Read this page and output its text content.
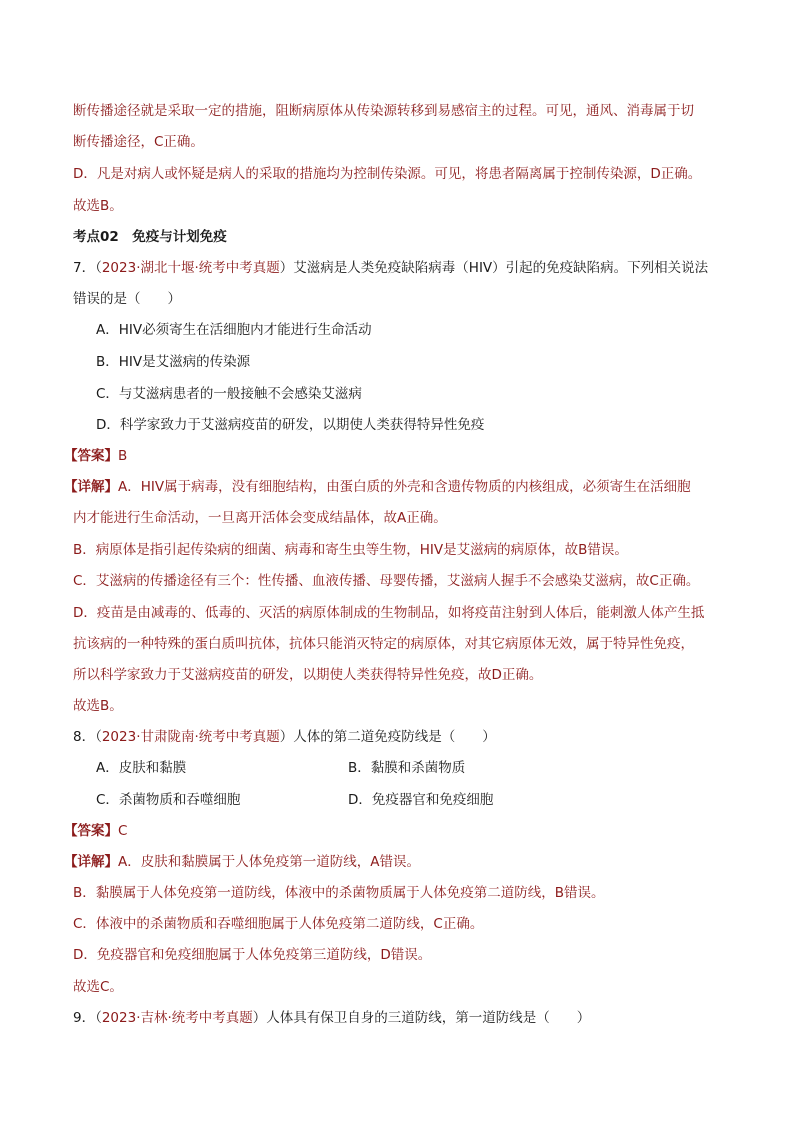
断传播途径就是采取一定的措施，阻断病原体从传染源转移到易感宿主的过程。可见，通风、消毒属于切
断传播途径，C正确。
D．凡是对病人或怀疑是病人的采取的措施均为控制传染源。可见，将患者隔离属于控制传染源，D正确。
故选B。
考点02　免疫与计划免疫
7．（2023·湖北十堰·统考中考真题）艾滋病是人类免疫缺陷病毒（HIV）引起的免疫缺陷病。下列相关说法
错误的是（　　）
A．HIV必须寄生在活细胞内才能进行生命活动
B．HIV是艾滋病的传染源
C．与艾滋病患者的一般接触不会感染艾滋病
D．科学家致力于艾滋病疫苗的研发，以期使人类获得特异性免疫
【答案】B
【详解】A．HIV属于病毒，没有细胞结构，由蛋白质的外壳和含遗传物质的内核组成，必须寄生在活细胞
内才能进行生命活动，一旦离开活体会变成结晶体，故A正确。
B．病原体是指引起传染病的细菌、病毒和寄生虫等生物，HIV是艾滋病的病原体，故B错误。
C．艾滋病的传播途径有三个：性传播、血液传播、母婴传播，艾滋病人握手不会感染艾滋病，故C正确。
D．疫苗是由减毒的、低毒的、灭活的病原体制成的生物制品，如将疫苗注射到人体后，能刺激人体产生抵
抗该病的一种特殊的蛋白质叫抗体，抗体只能消灭特定的病原体，对其它病原体无效，属于特异性免疫，
所以科学家致力于艾滋病疫苗的研发，以期使人类获得特异性免疫，故D正确。
故选B。
8．（2023·甘肃陇南·统考中考真题）人体的第二道免疫防线是（　　）
A．皮肤和黏膜	B．黏膜和杀菌物质
C．杀菌物质和吞噬细胞	D．免疫器官和免疫细胞
【答案】C
【详解】A．皮肤和黏膜属于人体免疫第一道防线，A错误。
B．黏膜属于人体免疫第一道防线，体液中的杀菌物质属于人体免疫第二道防线，B错误。
C．体液中的杀菌物质和吞噬细胞属于人体免疫第二道防线，C正确。
D．免疫器官和免疫细胞属于人体免疫第三道防线，D错误。
故选C。
9．（2023·吉林·统考中考真题）人体具有保卫自身的三道防线，第一道防线是（　　）
